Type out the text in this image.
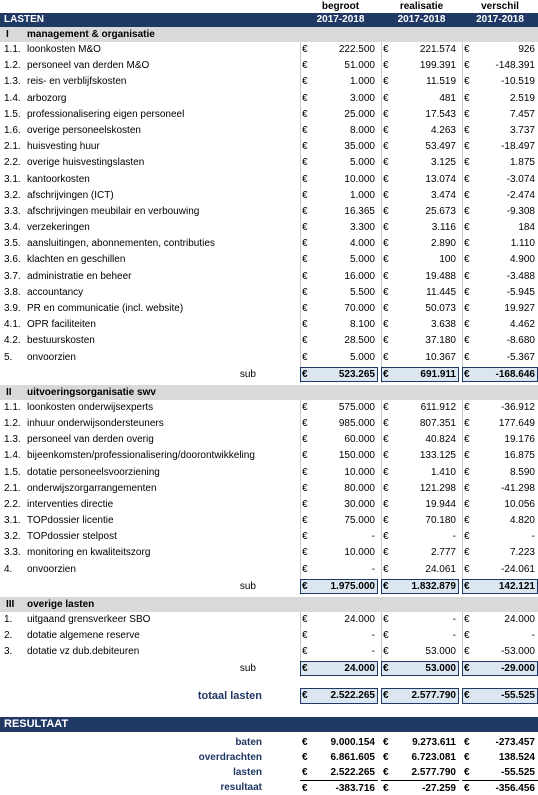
begroot	realisatie	verschil
LASTEN	2017-2018	2017-2018	2017-2018
I	management & organisatie
1.1. loonkosten M&O	€	222.500 €	221.574 €	926
1.2. personeel van derden M&O	€	51.000 €	199.391 €	-148.391
1.3. reis- en verblijfskosten	€	1.000 €	11.519 €	-10.519
1.4. arbozorg	€	3.000 €	481 €	2.519
1.5. professionalisering eigen personeel	€	25.000 €	17.543 €	7.457
1.6. overige personeelskosten	€	8.000 €	4.263 €	3.737
2.1. huisvesting huur	€	35.000 €	53.497 €	-18.497
2.2. overige huisvestingslasten	€	5.000 €	3.125 €	1.875
3.1. kantoorkosten	€	10.000 €	13.074 €	-3.074
3.2. afschrijvingen (ICT)	€	1.000 €	3.474 €	-2.474
3.3. afschrijvingen meubilair en verbouwing	€	16.365 €	25.673 €	-9.308
3.4. verzekeringen	€	3.300 €	3.116 €	184
3.5. aansluitingen, abonnementen, contributies	€	4.000 €	2.890 €	1.110
3.6. klachten en geschillen	€	5.000 €	100 €	4.900
3.7. administratie en beheer	€	16.000 €	19.488 €	-3.488
3.8. accountancy	€	5.500 €	11.445 €	-5.945
3.9. PR en communicatie (incl. website)	€	70.000 €	50.073 €	19.927
4.1. OPR faciliteiten	€	8.100 €	3.638 €	4.462
4.2. bestuurskosten	€	28.500 €	37.180 €	-8.680
5.	onvoorzien	€	5.000 €	10.367 €	-5.367
sub	€	523.265 €	691.911 €	-168.646
II	uitvoeringsorganisatie swv
1.1. loonkosten onderwijsexperts	€	575.000 €	611.912 €	-36.912
1.2. inhuur onderwijsondersteuners	€	985.000 €	807.351 €	177.649
1.3. personeel van derden overig	€	60.000 €	40.824 €	19.176
1.4. bijeenkomsten/professionalisering/doorontwikkeling	€	150.000 €	133.125 €	16.875
1.5. dotatie personeelsvoorziening	€	10.000 €	1.410 €	8.590
2.1. onderwijszorgarrangementen	€	80.000 €	121.298 €	-41.298
2.2. interventies directie	€	30.000 €	19.944 €	10.056
3.1. TOPdossier licentie	€	75.000 €	70.180 €	4.820
3.2. TOPdossier stelpost	€	- €	- €	-
3.3. monitoring en kwaliteitszorg	€	10.000 €	2.777 €	7.223
4.	onvoorzien	€	- €	24.061 €	-24.061
sub	€	1.975.000 €	1.832.879 €	142.121
III	overige lasten
1.	uitgaand grensverkeer SBO	€	24.000 €	- €	24.000
2.	dotatie algemene reserve	€	- €	- €	-
3.	dotatie vz dub.debiteuren	€	- €	53.000 €	-53.000
sub	€	24.000 €	53.000 €	-29.000
totaal lasten	€	2.522.265 €	2.577.790 €	-55.525
RESULTAAT
baten	€	9.000.154 €	9.273.611 €	-273.457
overdrachten	€	6.861.605 €	6.723.081 €	138.524
lasten	€	2.522.265 €	2.577.790 €	-55.525
resultaat	€	-383.716 €	-27.259 €	-356.456
